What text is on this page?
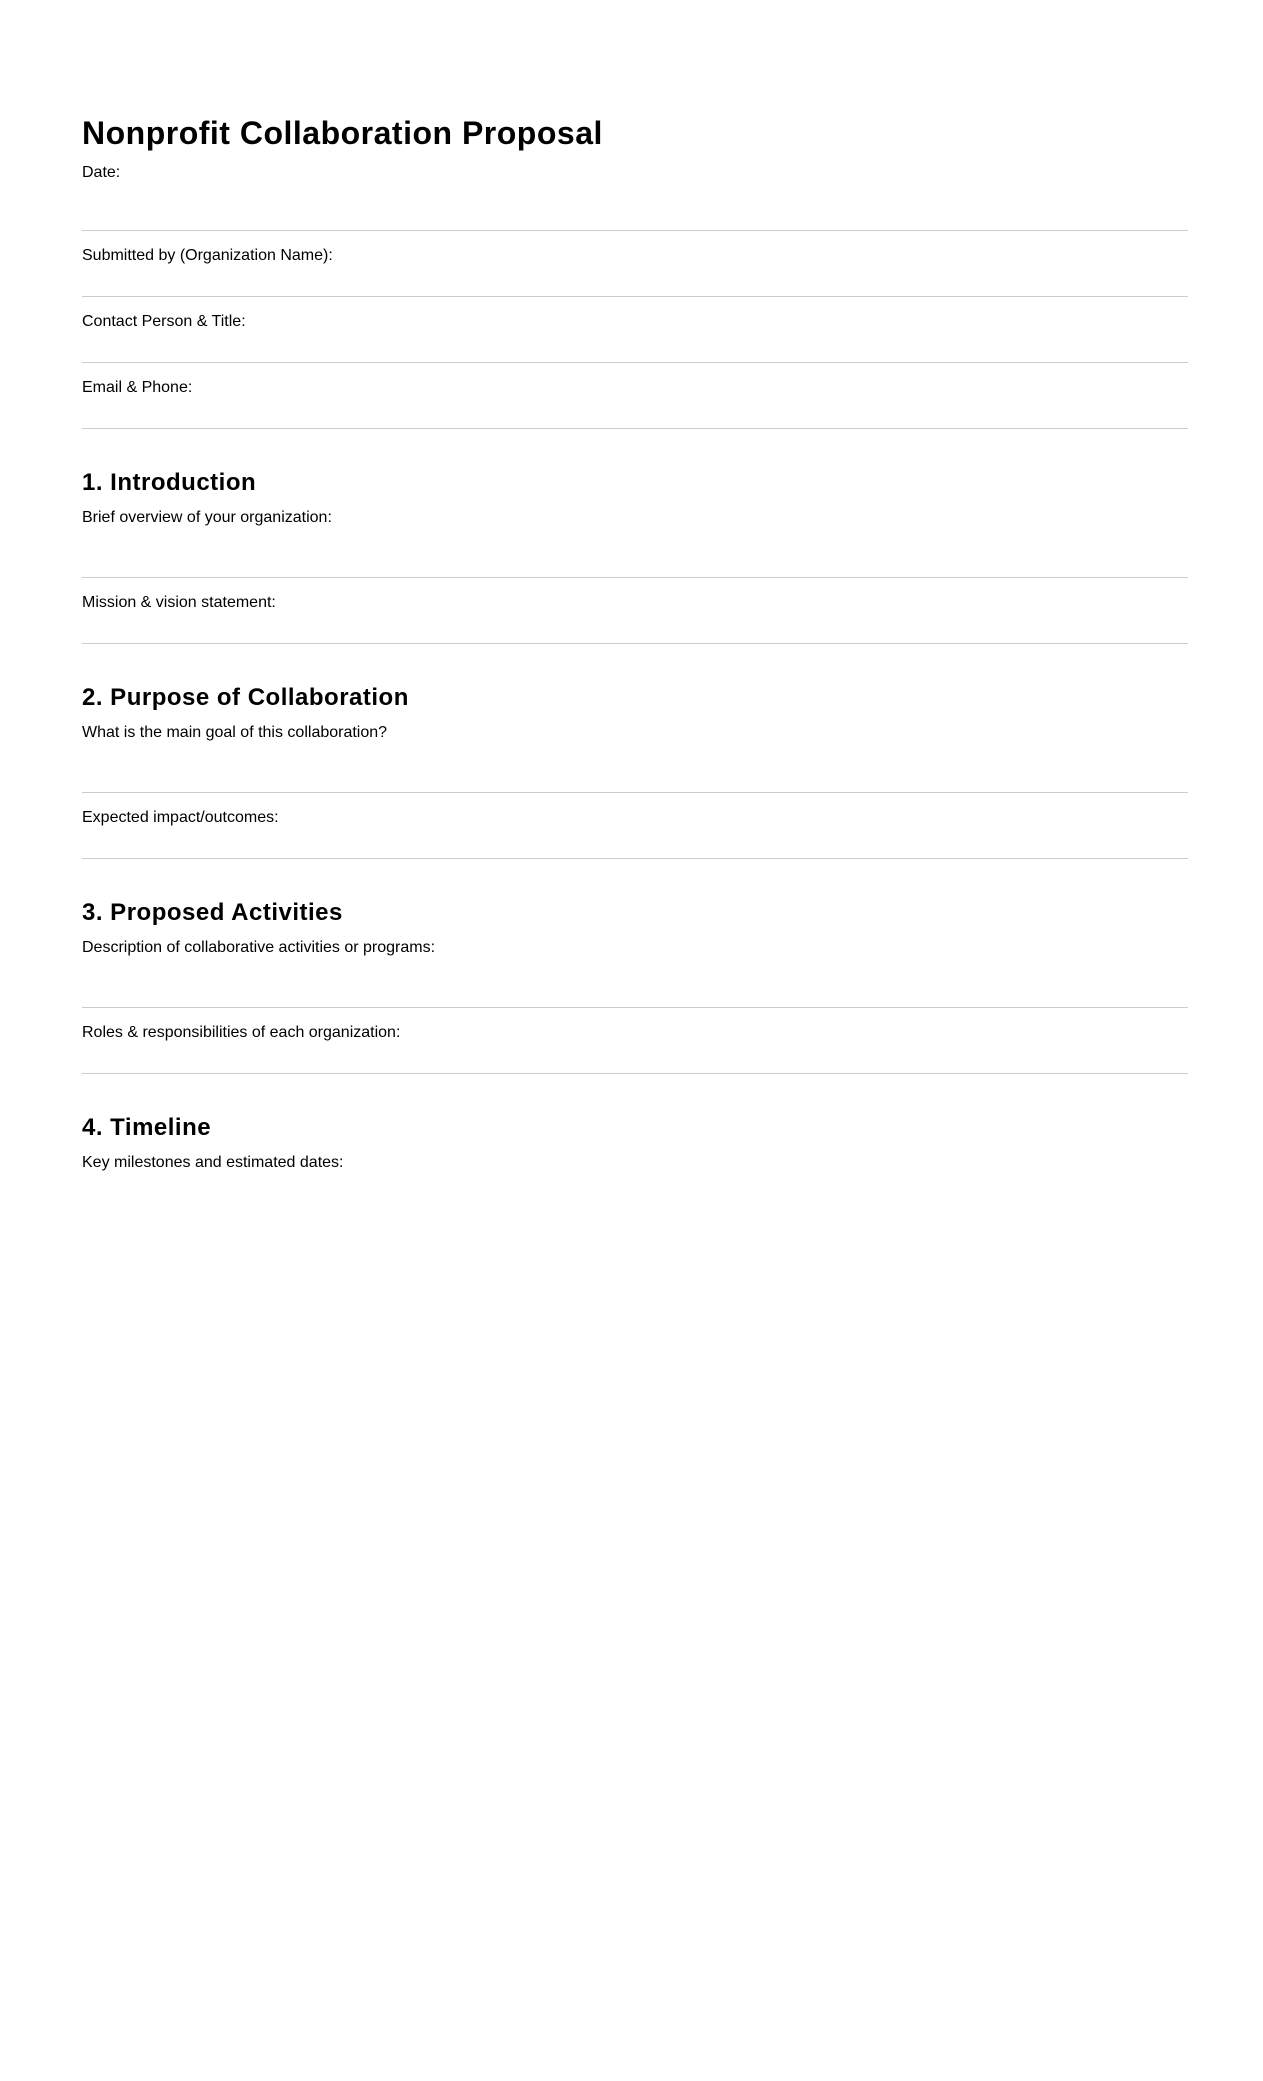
Nonprofit Collaboration Proposal
Date:
Submitted by (Organization Name):
Contact Person & Title:
Email & Phone:
1. Introduction
Brief overview of your organization:
Mission & vision statement:
2. Purpose of Collaboration
What is the main goal of this collaboration?
Expected impact/outcomes:
3. Proposed Activities
Description of collaborative activities or programs:
Roles & responsibilities of each organization:
4. Timeline
Key milestones and estimated dates:
